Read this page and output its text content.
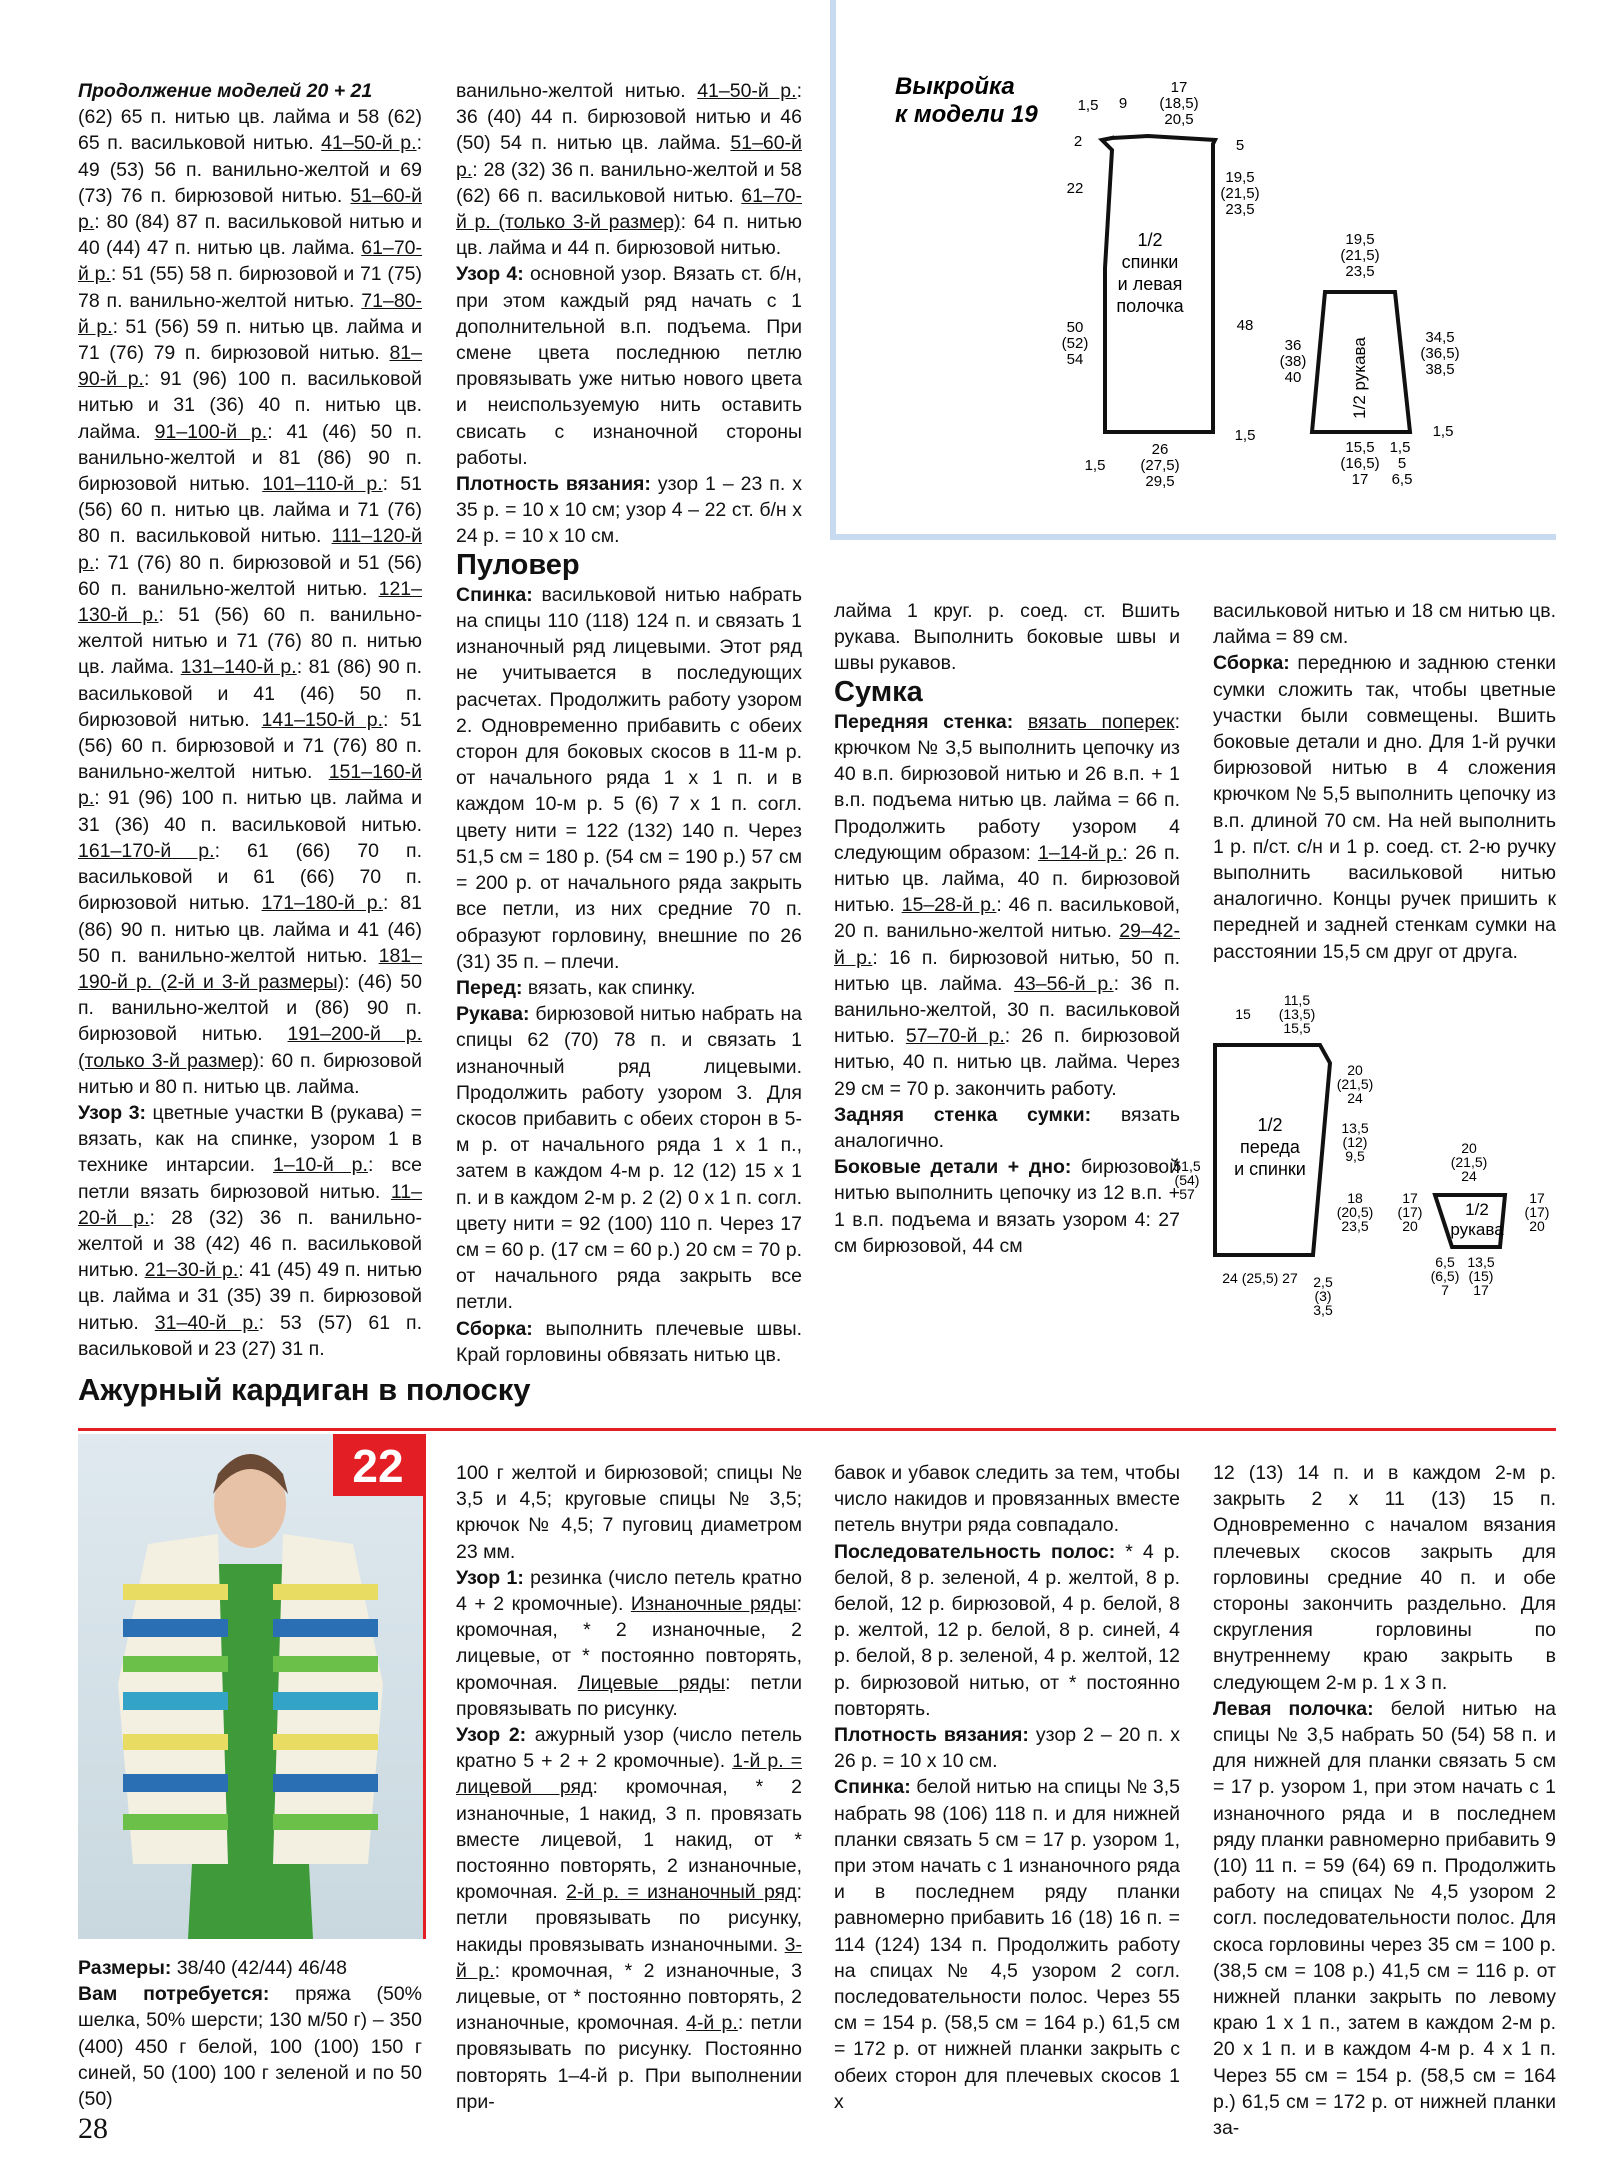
Продолжение моделей 20 + 21

(62) 65 п. нитью цв. лайма и 58 (62) 65 п. васильковой нитью. 41–50-й р.: 49 (53) 56 п. ванильно-желтой и 69 (73) 76 п. бирюзовой нитью. 51–60-й р.: 80 (84) 87 п. васильковой нитью и 40 (44) 47 п. нитью цв. лайма. 61–70-й р.: 51 (55) 58 п. бирюзовой и 71 (75) 78 п. ванильно-желтой нитью. 71–80-й р.: 51 (56) 59 п. нитью цв. лайма и 71 (76) 79 п. бирюзовой нитью. 81–90-й р.: 91 (96) 100 п. васильковой нитью и 31 (36) 40 п. нитью цв. лайма. 91–100-й р.: 41 (46) 50 п. ванильно-желтой и 81 (86) 90 п. бирюзовой нитью. 101–110-й р.: 51 (56) 60 п. нитью цв. лайма и 71 (76) 80 п. васильковой нитью. 111–120-й р.: 71 (76) 80 п. бирюзовой и 51 (56) 60 п. ванильно-желтой нитью. 121–130-й р.: 51 (56) 60 п. ванильно-желтой нитью и 71 (76) 80 п. нитью цв. лайма. 131–140-й р.: 81 (86) 90 п. васильковой и 41 (46) 50 п. бирюзовой нитью. 141–150-й р.: 51 (56) 60 п. бирюзовой и 71 (76) 80 п. ванильно-желтой нитью. 151–160-й р.: 91 (96) 100 п. нитью цв. лайма и 31 (36) 40 п. васильковой нитью. 161–170-й р.: 61 (66) 70 п. васильковой и 61 (66) 70 п. бирюзовой нитью. 171–180-й р.: 81 (86) 90 п. нитью цв. лайма и 41 (46) 50 п. ванильно-желтой нитью. 181–190-й р. (2-й и 3-й размеры): (46) 50 п. ванильно-желтой и (86) 90 п. бирюзовой нитью. 191–200-й р. (только 3-й размер): 60 п. бирюзовой нитью и 80 п. нитью цв. лайма.

Узор 3: цветные участки В (рукава) = вязать, как на спинке, узором 1 в технике интарсии. 1–10-й р.: все петли вязать бирюзовой нитью. 11–20-й р.: 28 (32) 36 п. ванильно-желтой и 38 (42) 46 п. васильковой нитью. 21–30-й р.: 41 (45) 49 п. нитью цв. лайма и 31 (35) 39 п. бирюзовой нитью. 31–40-й р.: 53 (57) 61 п. васильковой и 23 (27) 31 п.

ванильно-желтой нитью. 41–50-й р.: 36 (40) 44 п. бирюзовой нитью и 46 (50) 54 п. нитью цв. лайма. 51–60-й р.: 28 (32) 36 п. ванильно-желтой и 58 (62) 66 п. васильковой нитью. 61–70-й р. (только 3-й размер): 64 п. нитью цв. лайма и 44 п. бирюзовой нитью.

Узор 4: основной узор. Вязать ст. б/н, при этом каждый ряд начать с 1 дополнительной в.п. подъема. При смене цвета последнюю петлю провязывать уже нитью нового цвета и неиспользуемую нить оставить свисать с изнаночной стороны работы.

Плотность вязания: узор 1 – 23 п. х 35 р. = 10 х 10 см; узор 4 – 22 ст. б/н х 24 р. = 10 х 10 см.

Пуловер

Спинка: васильковой нитью набрать на спицы 110 (118) 124 п. и связать 1 изнаночный ряд лицевыми. Этот ряд не учитывается в последующих расчетах. Продолжить работу узором 2. Одновременно прибавить с обеих сторон для боковых скосов в 11-м р. от начального ряда 1 х 1 п. и в каждом 10-м р. 5 (6) 7 х 1 п. согл. цвету нити = 122 (132) 140 п. Через 51,5 см = 180 р. (54 см = 190 р.) 57 см = 200 р. от начального ряда закрыть все петли, из них средние 70 п. образуют горловину, внешние по 26 (31) 35 п. – плечи.

Перед: вязать, как спинку.

Рукава: бирюзовой нитью набрать на спицы 62 (70) 78 п. и связать 1 изнаночный ряд лицевыми. Продолжить работу узором 3. Для скосов прибавить с обеих сторон в 5-м р. от начального ряда 1 х 1 п., затем в каждом 4-м р. 12 (12) 15 х 1 п. и в каждом 2-м р. 2 (2) 0 х 1 п. согл. цвету нити = 92 (100) 110 п. Через 17 см = 60 р. (17 см = 60 р.) 20 см = 70 р. от начального ряда закрыть все петли.

Сборка: выполнить плечевые швы. Край горловины обвязать нитью цв.

лайма 1 круг. р. соед. ст. Вшить рукава. Выполнить боковые швы и швы рукавов.

Сумка

Передняя стенка: вязать поперек: крючком № 3,5 выполнить цепочку из 40 в.п. бирюзовой нитью и 26 в.п. + 1 в.п. подъема нитью цв. лайма = 66 п. Продолжить работу узором 4 следующим образом: 1–14-й р.: 26 п. нитью цв. лайма, 40 п. бирюзовой нитью. 15–28-й р.: 46 п. васильковой, 20 п. ванильно-желтой нитью. 29–42-й р.: 16 п. бирюзовой нитью, 50 п. нитью цв. лайма. 43–56-й р.: 36 п. ванильно-желтой, 30 п. васильковой нитью. 57–70-й р.: 26 п. бирюзовой нитью, 40 п. нитью цв. лайма. Через 29 см = 70 р. закончить работу.

Задняя стенка сумки: вязать аналогично.

Боковые детали + дно: бирюзовой нитью выполнить цепочку из 12 в.п. + 1 в.п. подъема и вязать узором 4: 27 см бирюзовой, 44 см

васильковой нитью и 18 см нитью цв. лайма = 89 см.

Сборка: переднюю и заднюю стенки сумки сложить так, чтобы цветные участки были совмещены. Вшить боковые детали и дно. Для 1-й ручки бирюзовой нитью в 4 сложения крючком № 5,5 выполнить цепочку из в.п. длиной 70 см. На ней выполнить 1 р. п/ст. с/н и 1 р. соед. ст. 2-ю ручку выполнить васильковой нитью аналогично. Концы ручек пришить к передней и задней стенкам сумки на расстоянии 15,5 см друг от друга.

Выкройка
к модели 19
1/2
спинки
и левая
полочка
1/2 рукава
1,5 9
17
(18,5)
20,5
2	5
19,5
(21,5)
23,5
22
48
50
(52)
54
1,5
26
(27,5)
29,5
1,5
19,5
(21,5)
23,5
36
(38)
40
34,5
(36,5)
38,5
15,5
(16,5)
17
1,5
5
6,5
1,5
1/2
переда
и спинки
1/2
рукава
15
11,5
(13,5)
15,5
20
(21,5)
24
13,5
(12)
9,5
51,5
(54)
57	18
(20,5)
23,5
24 (25,5) 27 2,5
(3)
3,5
20
(21,5)
24
17
(17)
20
17
(17)
20
6,5
(6,5)
7
13,5
(15)
17
Ажурный кардиган в полоску
22

Размеры: 38/40 (42/44) 46/48

Вам потребуется: пряжа (50% шелка, 50% шерсти; 130 м/50 г) – 350 (400) 450 г белой, 100 (100) 150 г синей, 50 (100) 100 г зеленой и по 50 (50)

100 г желтой и бирюзовой; спицы № 3,5 и 4,5; круговые спицы № 3,5; крючок № 4,5; 7 пуговиц диаметром 23 мм.

Узор 1: резинка (число петель кратно 4 + 2 кромочные). Изнаночные ряды: кромочная, * 2 изнаночные, 2 лицевые, от * постоянно повторять, кромочная. Лицевые ряды: петли провязывать по рисунку.

Узор 2: ажурный узор (число петель кратно 5 + 2 + 2 кромочные). 1-й р. = лицевой ряд: кромочная, * 2 изнаночные, 1 накид, 3 п. провязать вместе лицевой, 1 накид, от * постоянно повторять, 2 изнаночные, кромочная. 2-й р. = изнаночный ряд: петли провязывать по рисунку, накиды провязывать изнаночными. 3-й р.: кромочная, * 2 изнаночные, 3 лицевые, от * постоянно повторять, 2 изнаночные, кромочная. 4-й р.: петли провязывать по рисунку. Постоянно повторять 1–4-й р. При выполнении при-

бавок и убавок следить за тем, чтобы число накидов и провязанных вместе петель внутри ряда совпадало.

Последовательность полос: * 4 р. белой, 8 р. зеленой, 4 р. желтой, 8 р. белой, 12 р. бирюзовой, 4 р. белой, 8 р. желтой, 12 р. белой, 8 р. синей, 4 р. белой, 8 р. зеленой, 4 р. желтой, 12 р. бирюзовой нитью, от * постоянно повторять.

Плотность вязания: узор 2 – 20 п. х 26 р. = 10 х 10 см.

Спинка: белой нитью на спицы № 3,5 набрать 98 (106) 118 п. и для нижней планки связать 5 см = 17 р. узором 1, при этом начать с 1 изнаночного ряда и в последнем ряду планки равномерно прибавить 16 (18) 16 п. = 114 (124) 134 п. Продолжить работу на спицах № 4,5 узором 2 согл. последовательности полос. Через 55 см = 154 р. (58,5 см = 164 р.) 61,5 см = 172 р. от нижней планки закрыть с обеих сторон для плечевых скосов 1 х

12 (13) 14 п. и в каждом 2-м р. закрыть 2 х 11 (13) 15 п. Одновременно с началом вязания плечевых скосов закрыть для горловины средние 40 п. и обе стороны закончить раздельно. Для скругления горловины по внутреннему краю закрыть в следующем 2-м р. 1 х 3 п.

Левая полочка: белой нитью на спицы № 3,5 набрать 50 (54) 58 п. и для нижней для планки связать 5 см = 17 р. узором 1, при этом начать с 1 изнаночного ряда и в последнем ряду планки равномерно прибавить 9 (10) 11 п. = 59 (64) 69 п. Продолжить работу на спицах № 4,5 узором 2 согл. последовательности полос. Для скоса горловины через 35 см = 100 р. (38,5 см = 108 р.) 41,5 см = 116 р. от нижней планки закрыть по левому краю 1 х 1 п., затем в каждом 2-м р. 20 х 1 п. и в каждом 4-м р. 4 х 1 п. Через 55 см = 154 р. (58,5 см = 164 р.) 61,5 см = 172 р. от нижней планки за-

28
